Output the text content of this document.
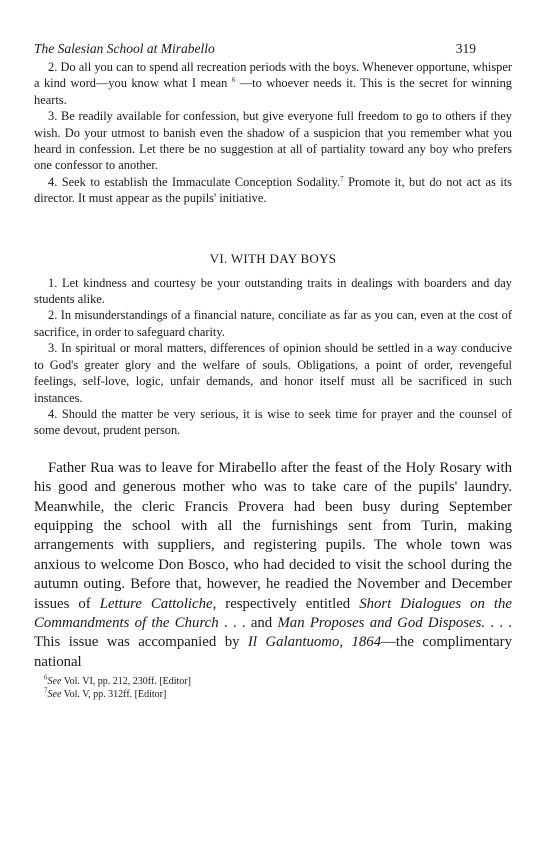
The Salesian School at Mirabello	319

2. Do all you can to spend all recreation periods with the boys. Whenever opportune, whisper a kind word—you know what I mean $^6$ —to whoever needs it. This is the secret for winning hearts.

3. Be readily available for confession, but give everyone full freedom to go to others if they wish. Do your utmost to banish even the shadow of a suspicion that you remember what you heard in confession. Let there be no suggestion at all of partiality toward any boy who prefers one confessor to another.

4. Seek to establish the Immaculate Conception Sodality.$^7$ Promote it, but do not act as its director. It must appear as the pupils' initiative.

VI. WITH DAY BOYS

1. Let kindness and courtesy be your outstanding traits in dealings with boarders and day students alike.

2. In misunderstandings of a financial nature, conciliate as far as you can, even at the cost of sacrifice, in order to safeguard charity.

3. In spiritual or moral matters, differences of opinion should be settled in a way conducive to God's greater glory and the welfare of souls. Obligations, a point of order, revengeful feelings, self-love, logic, unfair demands, and honor itself must all be sacrificed in such instances.

4. Should the matter be very serious, it is wise to seek time for prayer and the counsel of some devout, prudent person.

Father Rua was to leave for Mirabello after the feast of the Holy Rosary with his good and generous mother who was to take care of the pupils' laundry. Meanwhile, the cleric Francis Provera had been busy during September equipping the school with all the furnishings sent from Turin, making arrangements with suppliers, and registering pupils. The whole town was anxious to welcome Don Bosco, who had decided to visit the school during the autumn outing. Before that, however, he readied the November and December issues of Letture Cattoliche, respectively entitled Short Dialogues on the Commandments of the Church . . . and Man Proposes and God Disposes. . . . This issue was accompanied by Il Galantuomo, 1864—the complimentary national

$^6$See Vol. VI, pp. 212, 230ff. [Editor]
$^7$See Vol. V, pp. 312ff. [Editor]
